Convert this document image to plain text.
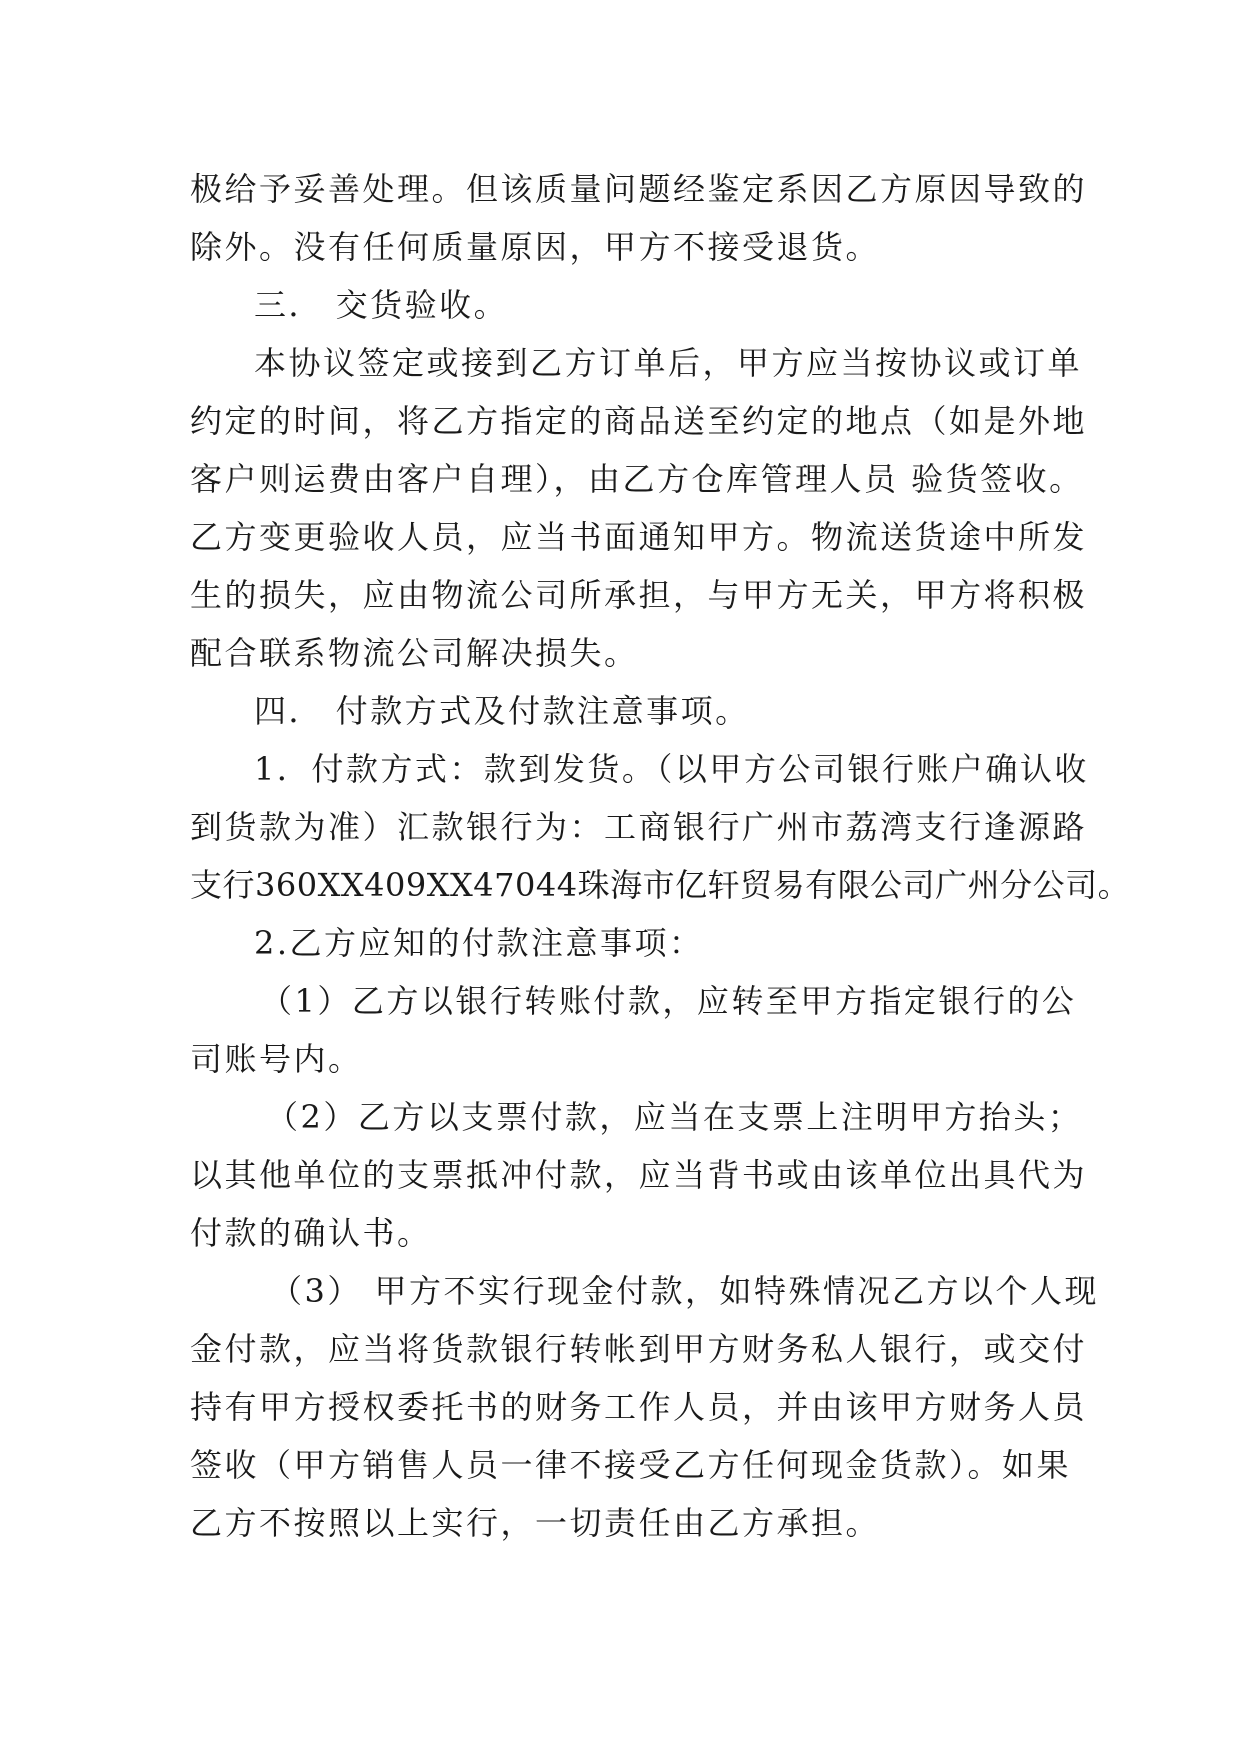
极给予妥善处理。但该质量问题经鉴定系因乙方原因导致的
除外。没有任何质量原因，甲方不接受退货。
三． 交货验收。
本协议签定或接到乙方订单后，甲方应当按协议或订单
约定的时间，将乙方指定的商品送至约定的地点（如是外地
客户则运费由客户自理），由乙方仓库管理人员 验货签收。
乙方变更验收人员，应当书面通知甲方。物流送货途中所发
生的损失，应由物流公司所承担，与甲方无关，甲方将积极
配合联系物流公司解决损失。
四． 付款方式及付款注意事项。
1．付款方式：款到发货。（以甲方公司银行账户确认收
到货款为准）汇款银行为：工商银行广州市荔湾支行逢源路
支行360XX409XX47044珠海市亿轩贸易有限公司广州分公司。
2.乙方应知的付款注意事项：
（1）乙方以银行转账付款，应转至甲方指定银行的公
司账号内。
（2）乙方以支票付款，应当在支票上注明甲方抬头；
以其他单位的支票抵冲付款，应当背书或由该单位出具代为
付款的确认书。
（3） 甲方不实行现金付款，如特殊情况乙方以个人现
金付款，应当将货款银行转帐到甲方财务私人银行，或交付
持有甲方授权委托书的财务工作人员，并由该甲方财务人员
签收（甲方销售人员一律不接受乙方任何现金货款）。如果
乙方不按照以上实行，一切责任由乙方承担。
